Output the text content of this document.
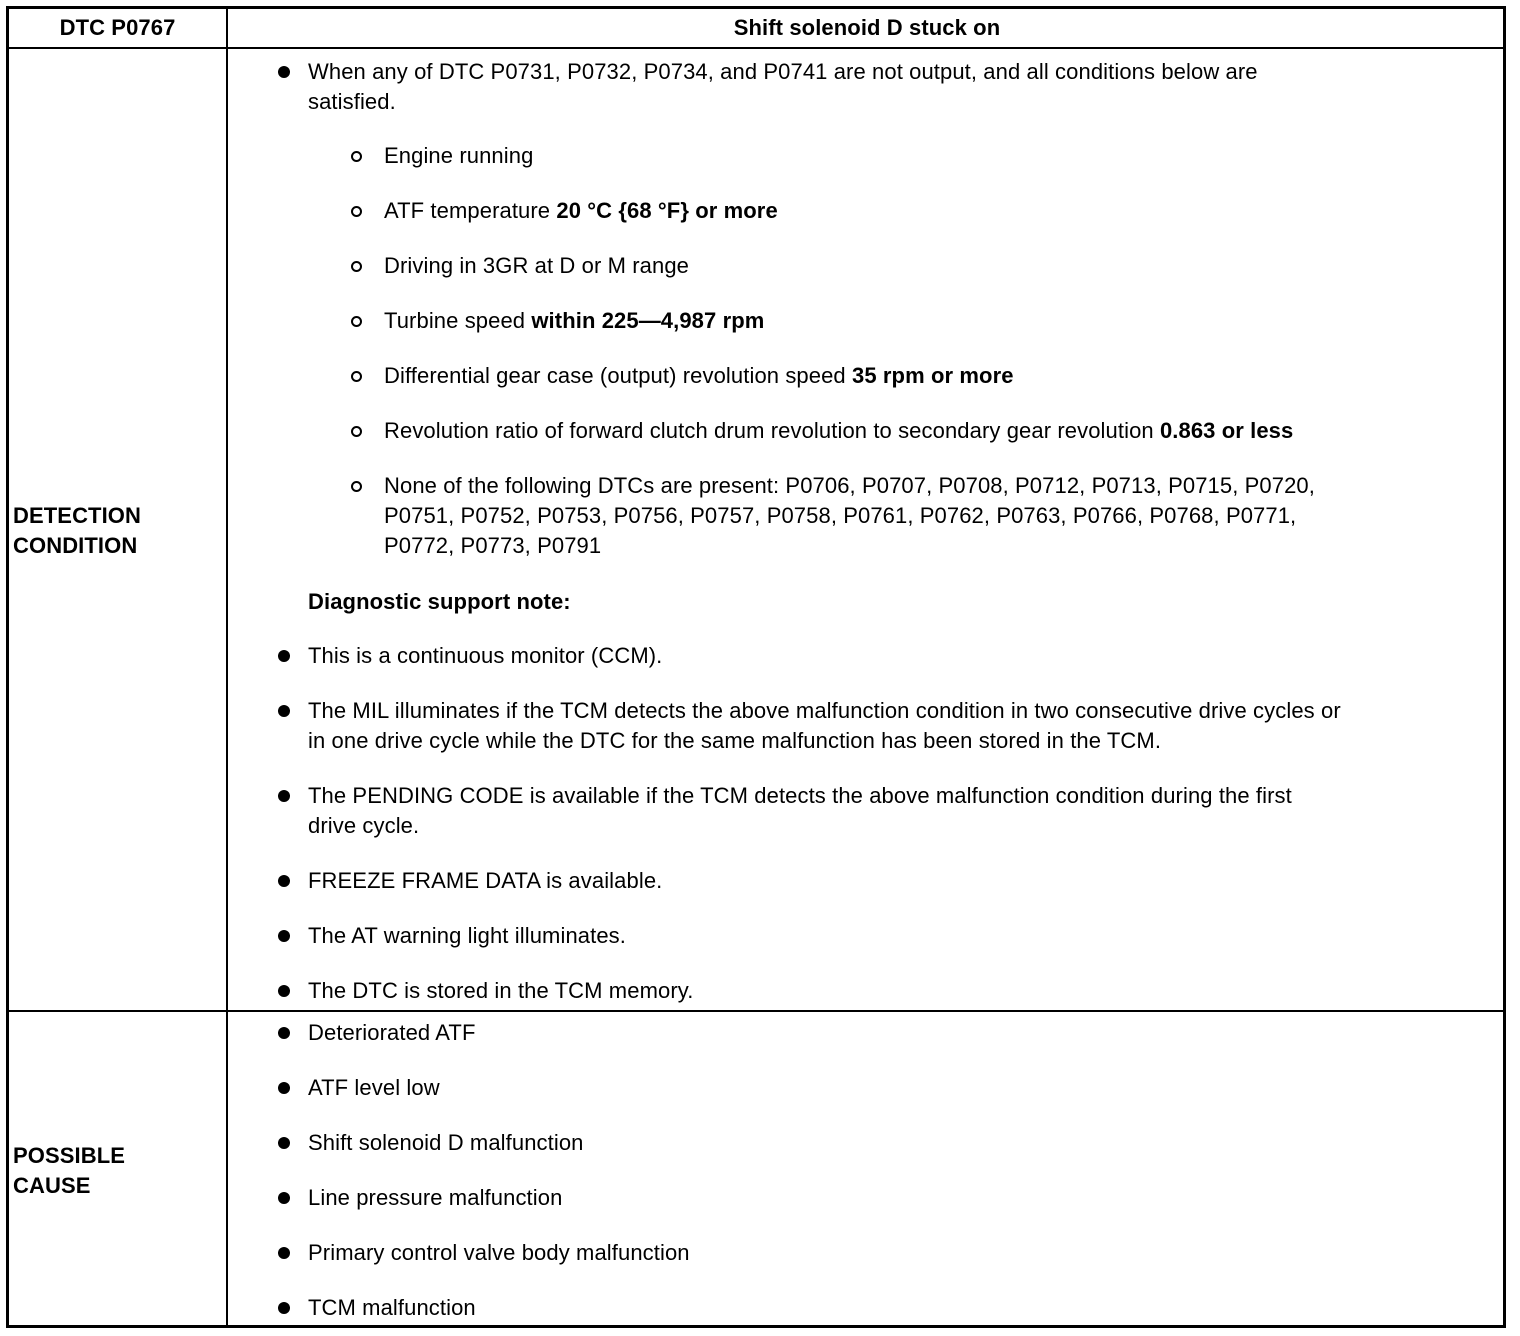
DTC P0767	Shift solenoid D stuck on
DETECTION
CONDITION
When any of DTC P0731, P0732, P0734, and P0741 are not output, and all conditions below are
satisfied.
Engine running
ATF temperature 20 °C {68 °F} or more
Driving in 3GR at D or M range
Turbine speed within 225—4,987 rpm
Differential gear case (output) revolution speed 35 rpm or more
Revolution ratio of forward clutch drum revolution to secondary gear revolution 0.863 or less
None of the following DTCs are present: P0706, P0707, P0708, P0712, P0713, P0715, P0720,
P0751, P0752, P0753, P0756, P0757, P0758, P0761, P0762, P0763, P0766, P0768, P0771,
P0772, P0773, P0791
Diagnostic support note:
This is a continuous monitor (CCM).
The MIL illuminates if the TCM detects the above malfunction condition in two consecutive drive cycles or
in one drive cycle while the DTC for the same malfunction has been stored in the TCM.
The PENDING CODE is available if the TCM detects the above malfunction condition during the first
drive cycle.
FREEZE FRAME DATA is available.
The AT warning light illuminates.
The DTC is stored in the TCM memory.
POSSIBLE
CAUSE
Deteriorated ATF
ATF level low
Shift solenoid D malfunction
Line pressure malfunction
Primary control valve body malfunction
TCM malfunction
